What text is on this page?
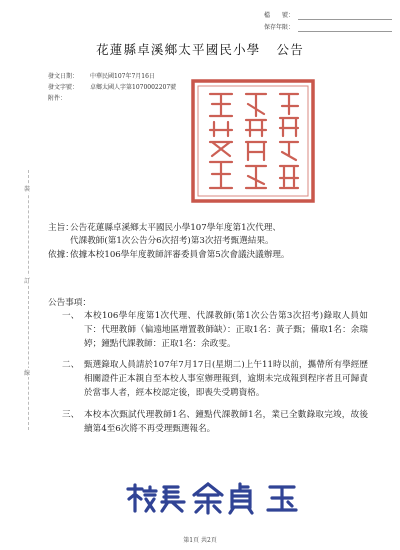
檔　　號：
保存年限：
花蓮縣卓溪鄉太平國民小學 公告
發文日期：	中華民國107年7月16日
發文字號：	卓鄉太國人字第1070002207號
附件：
裝
訂
線
主旨：
公告花蓮縣卓溪鄉太平國民小學107學年度第1次代理、
代課教師(第1次公告分6次招考)第3次招考甄選結果。
依據：
依據本校106學年度教師評審委員會第5次會議決議辦理。
公告事項：
一、 本校106學年度第1次代理、代課教師(第1次公告第3次招考)錄取人員如下：代理教師（偏遠地區增置教師缺）：正取1名：黃子甄；備取1名：余瑞婷；鐘點代課教師：正取1名：余政雯。
二、 甄選錄取人員請於107年7月17日(星期二)上午11時以前，攜帶所有學經歷相關證件正本親自至本校人事室辦理報到，逾期未完成報到程序者且可歸責於當事人者，經本校認定後，即喪失受聘資格。
三、 本校本次甄試代理教師1名、鐘點代課教師1名，業已全數錄取完竣，故後續第4至6次將不再受理甄選報名。
第1頁 共2頁
